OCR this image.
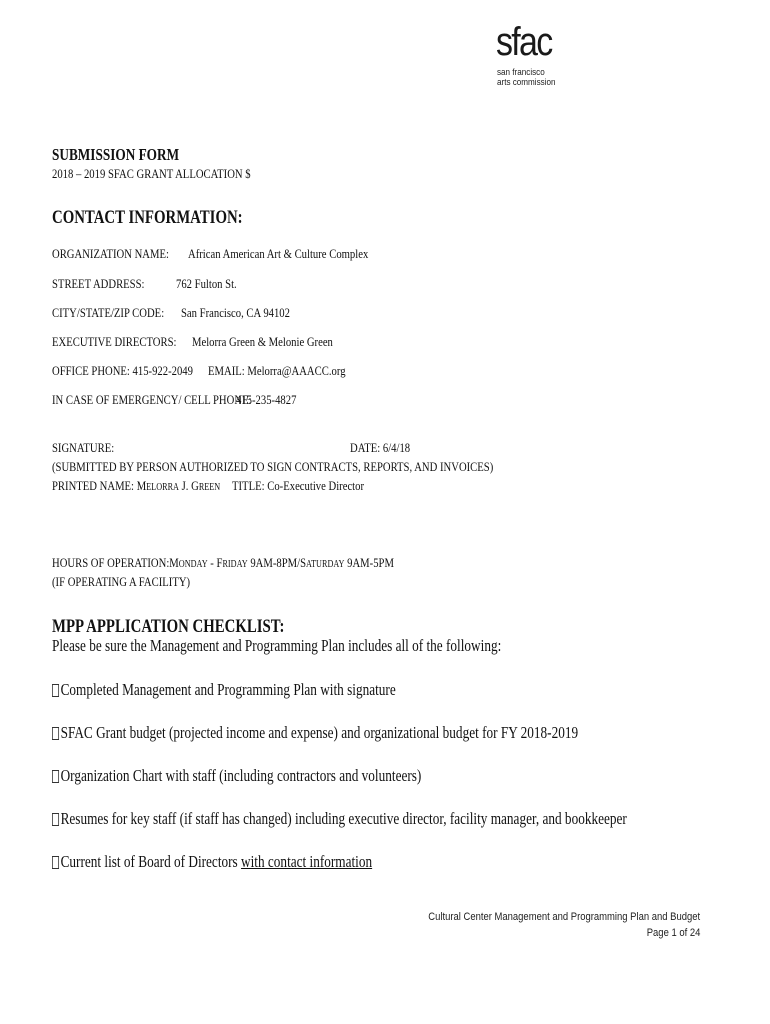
sfac
san francisco
arts commission
SUBMISSION FORM
2018 – 2019 SFAC GRANT ALLOCATION $
CONTACT INFORMATION:
ORGANIZATION NAME: African American Art & Culture Complex
STREET ADDRESS: 762 Fulton St.
CITY/STATE/ZIP CODE: San Francisco, CA 94102
EXECUTIVE DIRECTORS: Melorra Green & Melonie Green
OFFICE PHONE: 415-922-2049 EMAIL: Melorra@AAACC.org
IN CASE OF EMERGENCY/ CELL PHONE:
415-235-4827
SIGNATURE:	DATE: 6/4/18
(SUBMITTED BY PERSON AUTHORIZED TO SIGN CONTRACTS, REPORTS, AND INVOICES)
PRINTED NAME: MELORRA J. GREEN TITLE: Co-Executive Director
HOURS OF OPERATION:MONDAY - FRIDAY 9AM-8PM/SATURDAY 9AM-5PM
(IF OPERATING A FACILITY)
MPP APPLICATION CHECKLIST:
Please be sure the Management and Programming Plan includes all of the following:
Completed Management and Programming Plan with signature
SFAC Grant budget (projected income and expense) and organizational budget for FY 2018-2019
Organization Chart with staff (including contractors and volunteers)
Resumes for key staff (if staff has changed) including executive director, facility manager, and bookkeeper
Current list of Board of Directors with contact information
Cultural Center Management and Programming Plan and Budget
Page 1 of 24
